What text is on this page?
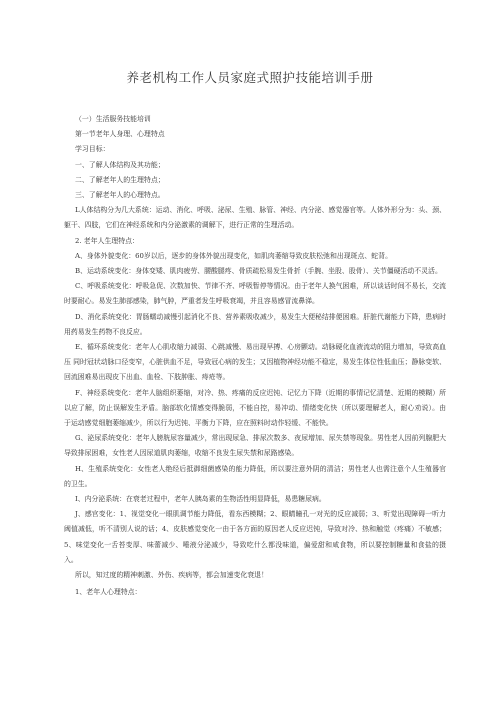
养老机构工作人员家庭式照护技能培训手册

（一）生活服务技能培训

第一节老年人身理、心理特点

学习目标：

一、了解人体结构及其功能；

二、了解老年人的生理特点；

三、了解老年人的心理特点。

L人体结构分为几大系统：运动、消化、呼吸、泌尿、生殖、脉管、神经、内分泌、感觉器官等。人体外形分为：头、颈、躯干、四肢，它们在神经系统和内分泌激素的调解下，进行正常的生理活动。

2. 老年人生理特点：

A、身体外貌变化：60岁以后，逐步的身体外貌出现变化，如肌肉萎缩导致皮肤松弛和出现斑点、蛇背。

B、运动系统变化：身体变矮、肌肉疲劳、腰酸腿疼、骨质疏松易发生骨折（手腕、坐股、股骨）、关节僵硬活动不灵活。

C、呼吸系统变化：呼吸急促、次数加快、节律不齐、呼吸暂停等情况。由于老年人换气困难，所以谈话时间不易长，交流时要耐心。易发生肺部感染，肺气肿，严重者发生呼吸衰竭，并且容易感冒流鼻涕。

D、消化系统变化：胃肠蠕动减慢引起消化不良、营养素吸收减少，易发生大便秘结排便困难。肝脏代谢能力下降，患病时用药易发生药物不良反应。

E、循环系统变化：老年人心肌收缩力减弱、心跳减慢、易出现早搏、心房颤动。动脉硬化血液流动的阻力增加，导致高血压 同时冠状动脉口径变窄，心脏供血不足，导致冠心病的发生；又因植物神经功能不稳定，易发生体位性低血压；静脉变软、回流困难易出现皮下出血、血栓、下肢肿胀、痔疮等。

F、神经系统变化：老年人脑组织萎缩，对冷、热、疼痛的反应迟钝、记忆力下降（近期的事情记忆清楚、近期的模糊）所以应了解，防止误解发生矛盾。脑部软化情感变得脆弱，不能自控，易冲动、情绪变化快（所以要理解老人，耐心劝说）。由于运动感觉细胞萎缩减少，所以行为迟钝、平衡力下降，应在照料时动作轻缓、不能快。

G、泌尿系统变化：老年人膀胱尿容量减少，常出现尿急、排尿次数多、夜尿增加、尿失禁等现象。男性老人因前列腺肥大导致排尿困难，女性老人因尿道肌肉萎缩，收缩不良发生尿失禁和尿路感染。

H、生殖系统变化：女性老人绝经后抵御细菌感染的能力降低，所以要注意外阴的清洁；男性老人也需注意个人生殖器官的卫生。

I、内分泌系统：在衰老过程中，老年人胰岛素的生物活性明显降低，易患糖尿病。

J、感官变化：1、视觉变化一眼肌调节能力降低，看东西模糊；2、眼睛瞳孔一对光的反应减弱；3、听觉出现障碍一听力阈值减低，听不清别人说的话；4、皮肤感觉变化一由于各方面的原因老人反应迟钝，导致对冷、热和触觉（疼痛）不敏感；5、味觉变化一舌苔变厚、味蕾减少、唾液分泌减少，导致吃什么都没味道，偏爱甜和咸食物，所以要控制糖量和食盐的摄入。

所以，知过度的精神刺激、外伤、疾病等，都会加速变化衰退！

1、老年人心理特点：
